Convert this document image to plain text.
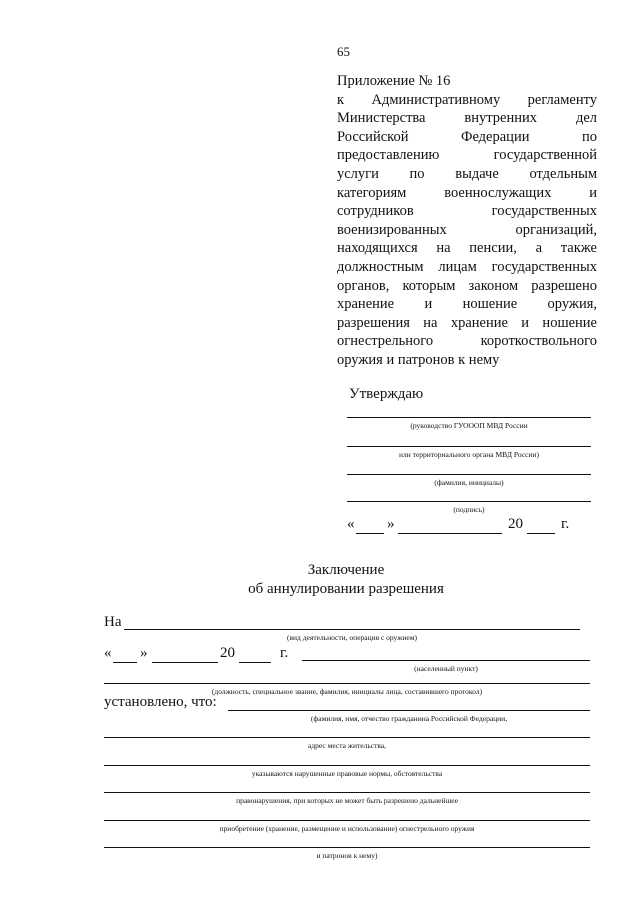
65
Приложение № 16
к Административному регламенту
Министерства внутренних дел
Российской Федерации по
предоставлению государственной
услуги по выдаче отдельным
категориям военнослужащих и
сотрудников государственных
военизированных организаций,
находящихся на пенсии, а также
должностным лицам государственных
органов, которым законом разрешено
хранение и ношение оружия,
разрешения на хранение и ношение
огнестрельного короткоствольного
оружия и патронов к нему
Утверждаю
(руководство ГУОООП МВД России
или территориального органа МВД России)
(фамилия, инициалы)
(подпись)
« »	20	г.
Заключение
об аннулировании разрешения
На
(вид деятельности, операция с оружием)
« »	20	г.
(населенный пункт)
(должность, специальное звание, фамилия, инициалы лица, составившего протокол)
установлено, что:
(фамилия, имя, отчество гражданина Российской Федерации,
адрес места жительства,
указываются нарушенные правовые нормы, обстоятельства
правонарушения, при которых не может быть разрешено дальнейшее
приобретение (хранение, размещение и использование) огнестрельного оружия
и патронов к нему)
